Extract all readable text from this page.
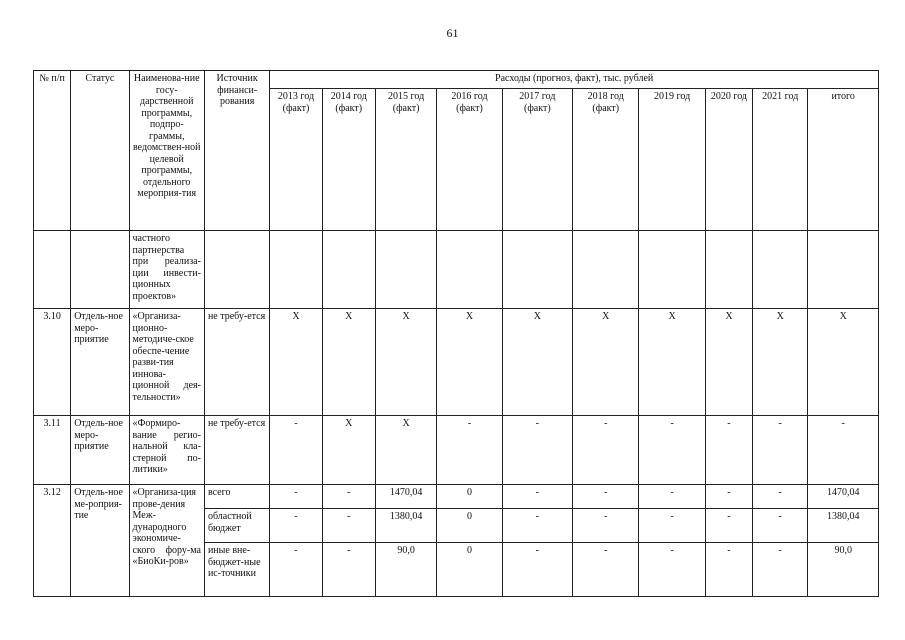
61
№ п/п	Статус	Наименова-ние госу-дарственной программы, подпро-граммы, ведомствен-ной целевой программы, отдельного мероприя-тия	Источник финанси-рования	Расходы (прогноз, факт), тыс. рублей									
				2013 год (факт)	2014 год (факт)	2015 год (факт)	2016 год (факт)	2017 год (факт)	2018 год (факт)	2019 год	2020 год	2021 год	итого
		частного партнерства при реализа-ции инвести-ционных проектов»											
3.10	Отдель-ное меро-приятие	«Организа-ционно-методиче-ское обеспе-чение разви-тия иннова-ционной дея-тельности»	не требу-ется	X	X	X	X	X	X	X	X	X	X
3.11	Отдель-ное меро-приятие	«Формиро-вание регио-нальной кла-стерной по-литики»	не требу-ется	-	X	X	-	-	-	-	-	-	-
3.12	Отдель-ное ме-роприя-тие	«Организа-ция прове-дения Меж-дународного экономиче-ского фору-ма «БиоКи-ров»	всего	-	-	1470,04	0	-	-	-	-	-	1470,04
			областной бюджет	-	-	1380,04	0	-	-	-	-	-	1380,04
			иные вне-бюджет-ные ис-точники	-	-	90,0	0	-	-	-	-	-	90,0
